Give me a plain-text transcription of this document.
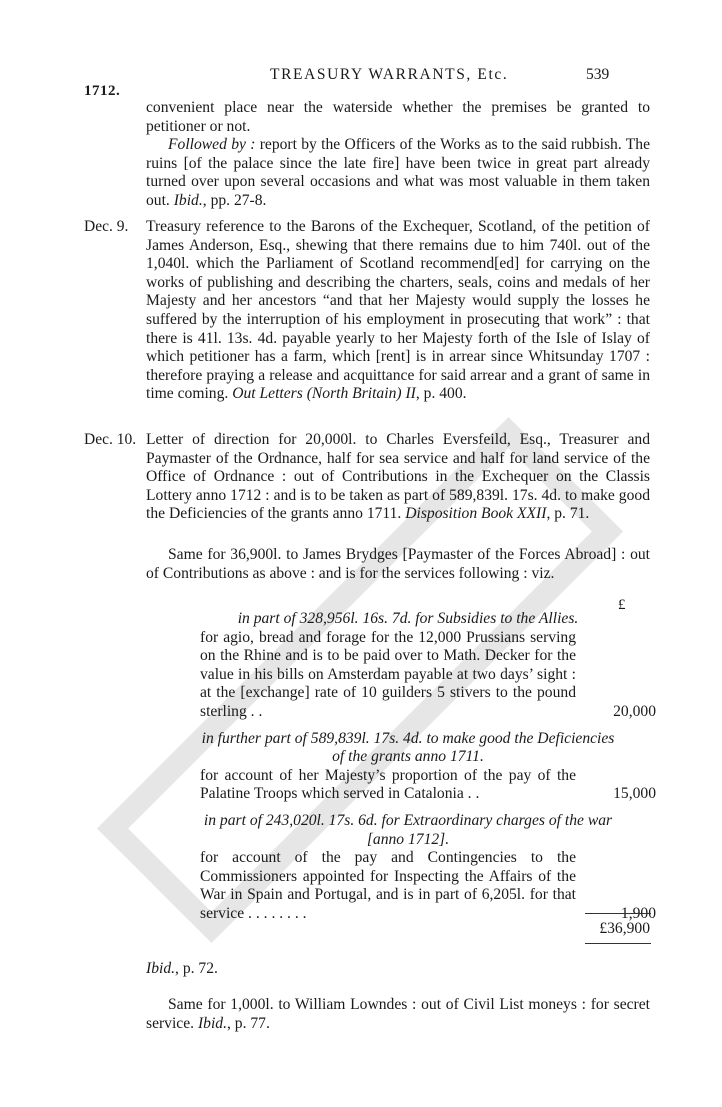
1712.
TREASURY WARRANTS, Etc.	539

convenient place near the waterside whether the premises be granted to petitioner or not.

Followed by : report by the Officers of the Works as to the said rubbish. The ruins [of the palace since the late fire] have been twice in great part already turned over upon several occasions and what was most valuable in them taken out. Ibid., pp. 27-8.

Dec. 9. Treasury reference to the Barons of the Exchequer, Scotland, of the petition of James Anderson, Esq., shewing that there remains due to him 740l. out of the 1,040l. which the Parliament of Scotland recommend[ed] for carrying on the works of publishing and describing the charters, seals, coins and medals of her Majesty and her ancestors “and that her Majesty would supply the losses he suffered by the interruption of his employment in prosecuting that work” : that there is 41l. 13s. 4d. payable yearly to her Majesty forth of the Isle of Islay of which petitioner has a farm, which [rent] is in arrear since Whitsunday 1707 : therefore praying a release and acquittance for said arrear and a grant of same in time coming. Out Letters (North Britain) II, p. 400.

Dec. 10. Letter of direction for 20,000l. to Charles Eversfeild, Esq., Treasurer and Paymaster of the Ordnance, half for sea service and half for land service of the Office of Ordnance : out of Contributions in the Exchequer on the Classis Lottery anno 1712 : and is to be taken as part of 589,839l. 17s. 4d. to make good the Deficiencies of the grants anno 1711. Disposition Book XXII, p. 71.

Same for 36,900l. to James Brydges [Paymaster of the Forces Abroad] : out of Contributions as above : and is for the services following : viz.

£
in part of 328,956l. 16s. 7d. for Subsidies to the Allies.
for agio, bread and forage for the 12,000 Prussians serving on the Rhine and is to be paid over to Math. Decker for the value in his bills on Amsterdam payable at two days’ sight : at the [exchange] rate of 10 guilders 5 stivers to the pound sterling . .	20,000
in further part of 589,839l. 17s. 4d. to make good the Deficiencies of the grants anno 1711.
for account of her Majesty’s proportion of the pay of the Palatine Troops which served in Catalonia . .	15,000
in part of 243,020l. 17s. 6d. for Extraordinary charges of the war [anno 1712].
for account of the pay and Contingencies to the Commissioners appointed for Inspecting the Affairs of the War in Spain and Portugal, and is in part of 6,205l. for that service . . . . . . . .	1,900
£36,900

Ibid., p. 72.

Same for 1,000l. to William Lowndes : out of Civil List moneys : for secret service. Ibid., p. 77.
